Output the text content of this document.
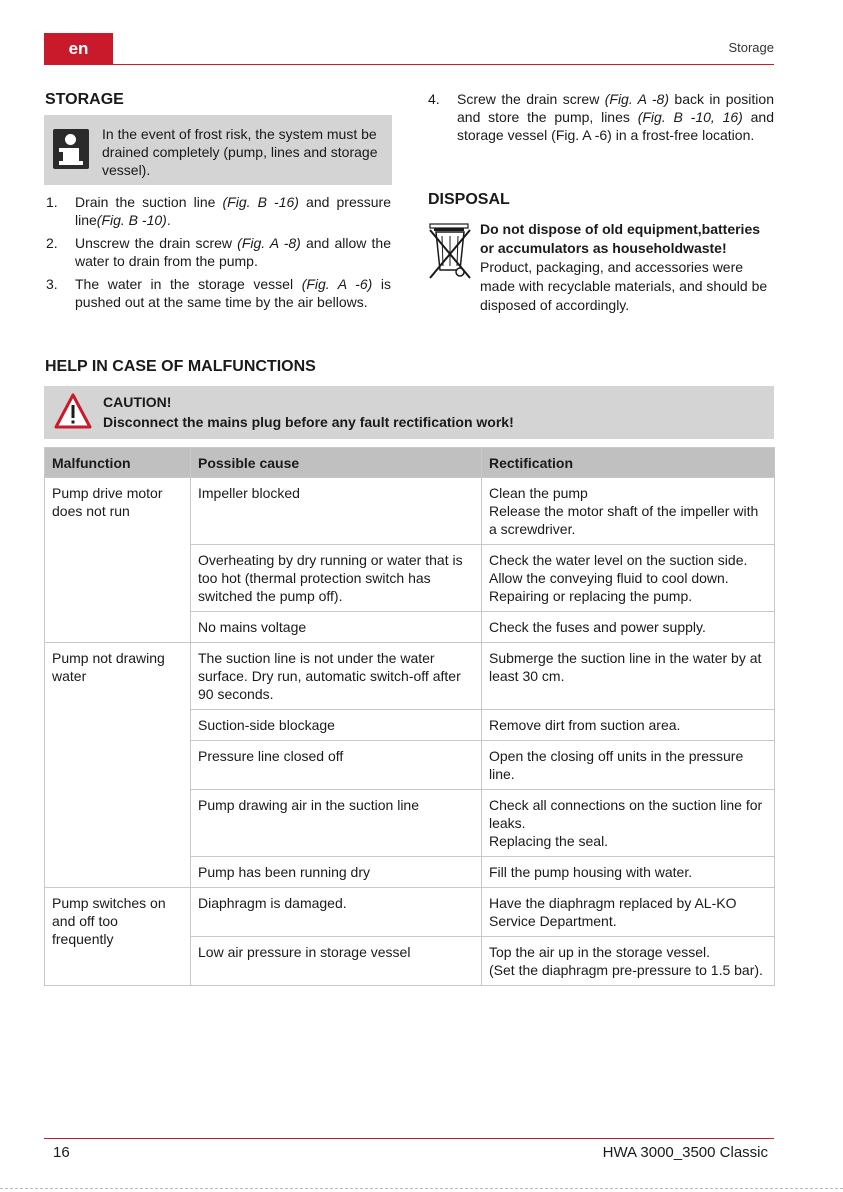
en	Storage
STORAGE
In the event of frost risk, the system must be drained completely (pump, lines and storage vessel).
1. Drain the suction line (Fig. B -16) and pressure line(Fig. B -10).
2. Unscrew the drain screw (Fig. A -8) and allow the water to drain from the pump.
3. The water in the storage vessel (Fig. A -6) is pushed out at the same time by the air bellows.
4. Screw the drain screw (Fig. A -8) back in position and store the pump, lines (Fig. B -10, 16) and storage vessel (Fig. A -6) in a frost-free location.
DISPOSAL
Do not dispose of old equipment,batteries or accumulators as householdwaste!
Product, packaging, and accessories were made with recyclable materials, and should be disposed of accordingly.
HELP IN CASE OF MALFUNCTIONS
CAUTION!
Disconnect the mains plug before any fault rectification work!
Malfunction	Possible cause	Rectification
Pump drive motor does not run	Impeller blocked	Clean the pump
Release the motor shaft of the impeller with a screwdriver.
	Overheating by dry running or water that is too hot (thermal protection switch has switched the pump off).	Check the water level on the suction side.
Allow the conveying fluid to cool down.
Repairing or replacing the pump.
	No mains voltage	Check the fuses and power supply.
Pump not drawing water	The suction line is not under the water surface. Dry run, automatic switch-off after 90 seconds.	Submerge the suction line in the water by at least 30 cm.
	Suction-side blockage	Remove dirt from suction area.
	Pressure line closed off	Open the closing off units in the pressure line.
	Pump drawing air in the suction line	Check all connections on the suction line for leaks.
Replacing the seal.
	Pump has been running dry	Fill the pump housing with water.
Pump switches on and off too frequently	Diaphragm is damaged.	Have the diaphragm replaced by AL-KO Service Department.
	Low air pressure in storage vessel	Top the air up in the storage vessel.
(Set the diaphragm pre-pressure to 1.5 bar).
16	HWA 3000_3500 Classic
